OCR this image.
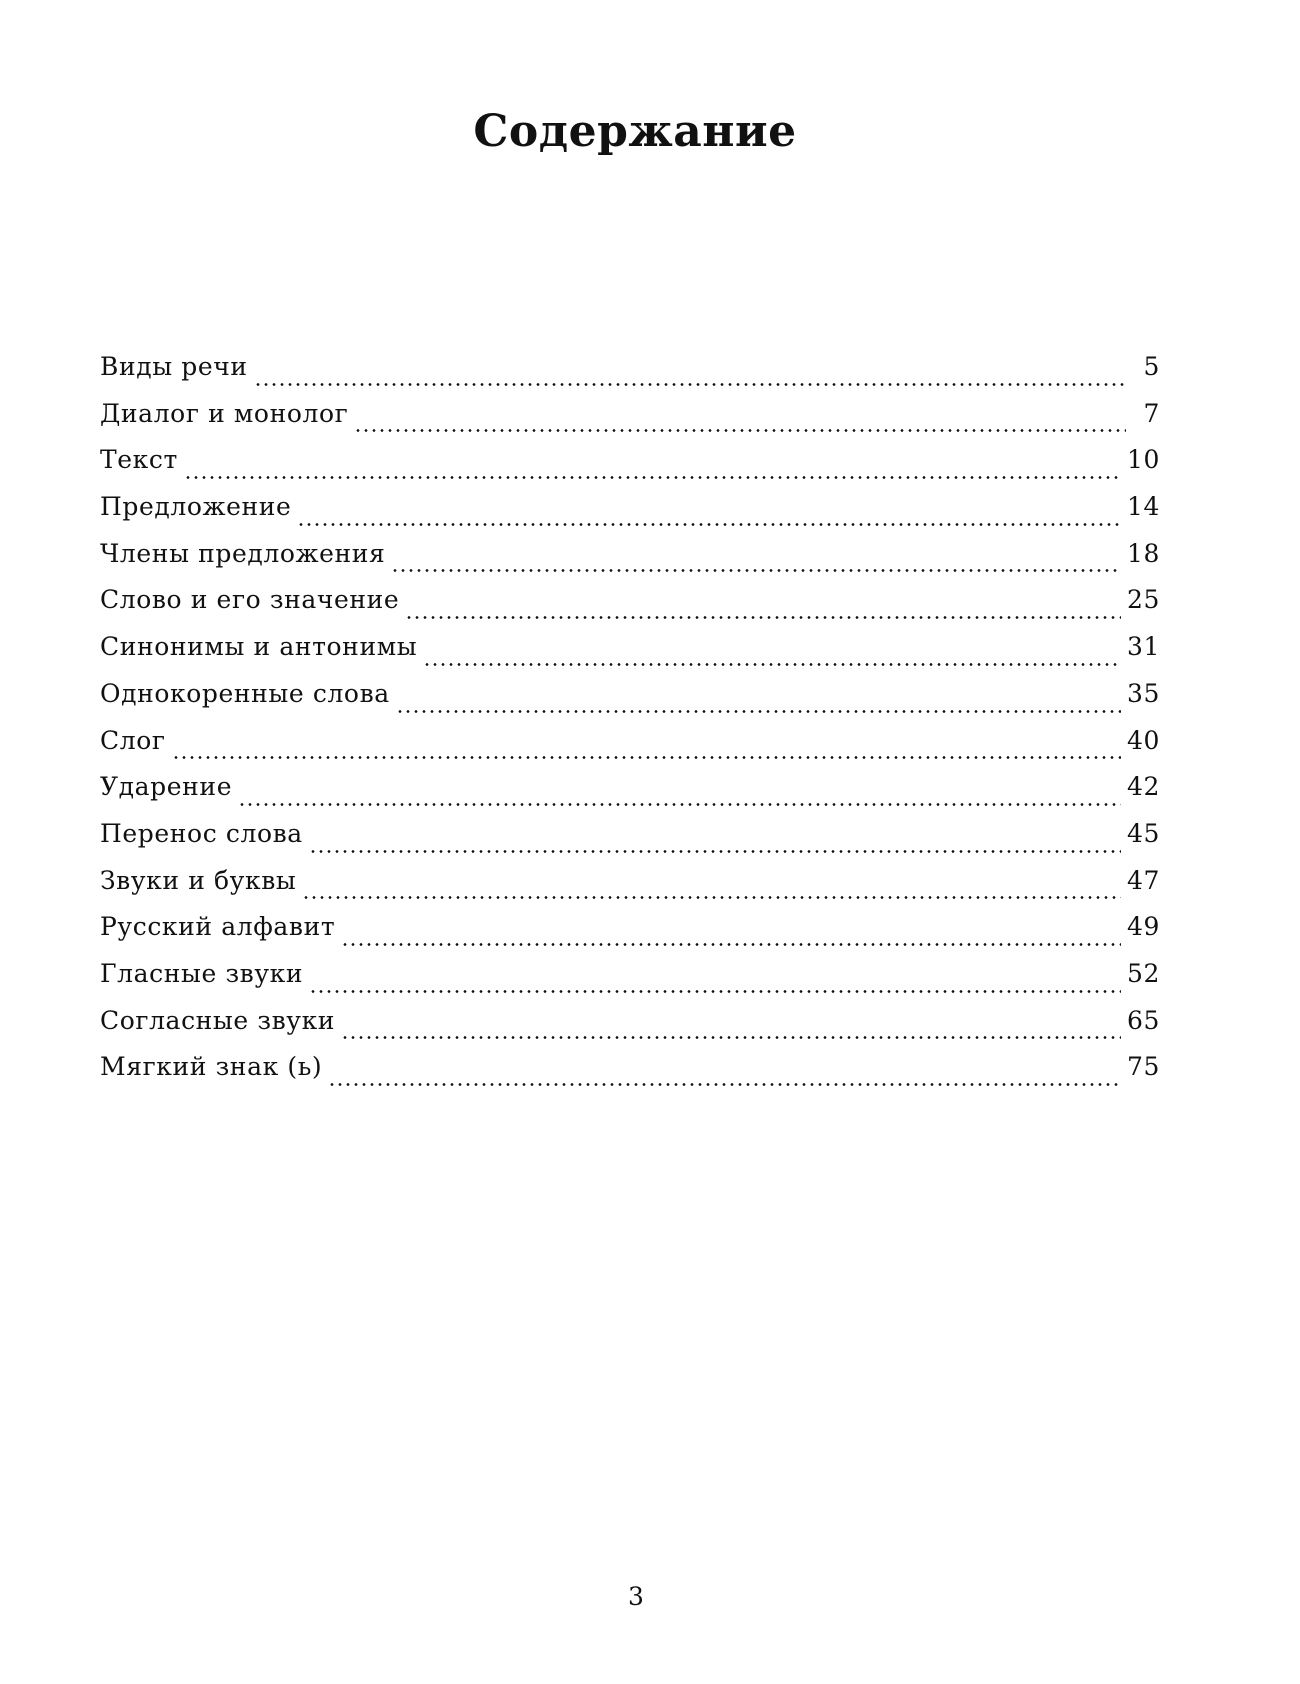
Содержание
Виды речи	5
Диалог и монолог	7
Текст	10
Предложение	14
Члены предложения	18
Слово и его значение	25
Синонимы и антонимы	31
Однокоренные слова	35
Слог	40
Ударение	42
Перенос слова	45
Звуки и буквы	47
Русский алфавит	49
Гласные звуки	52
Согласные звуки	65
Мягкий знак (ь)	75
3
